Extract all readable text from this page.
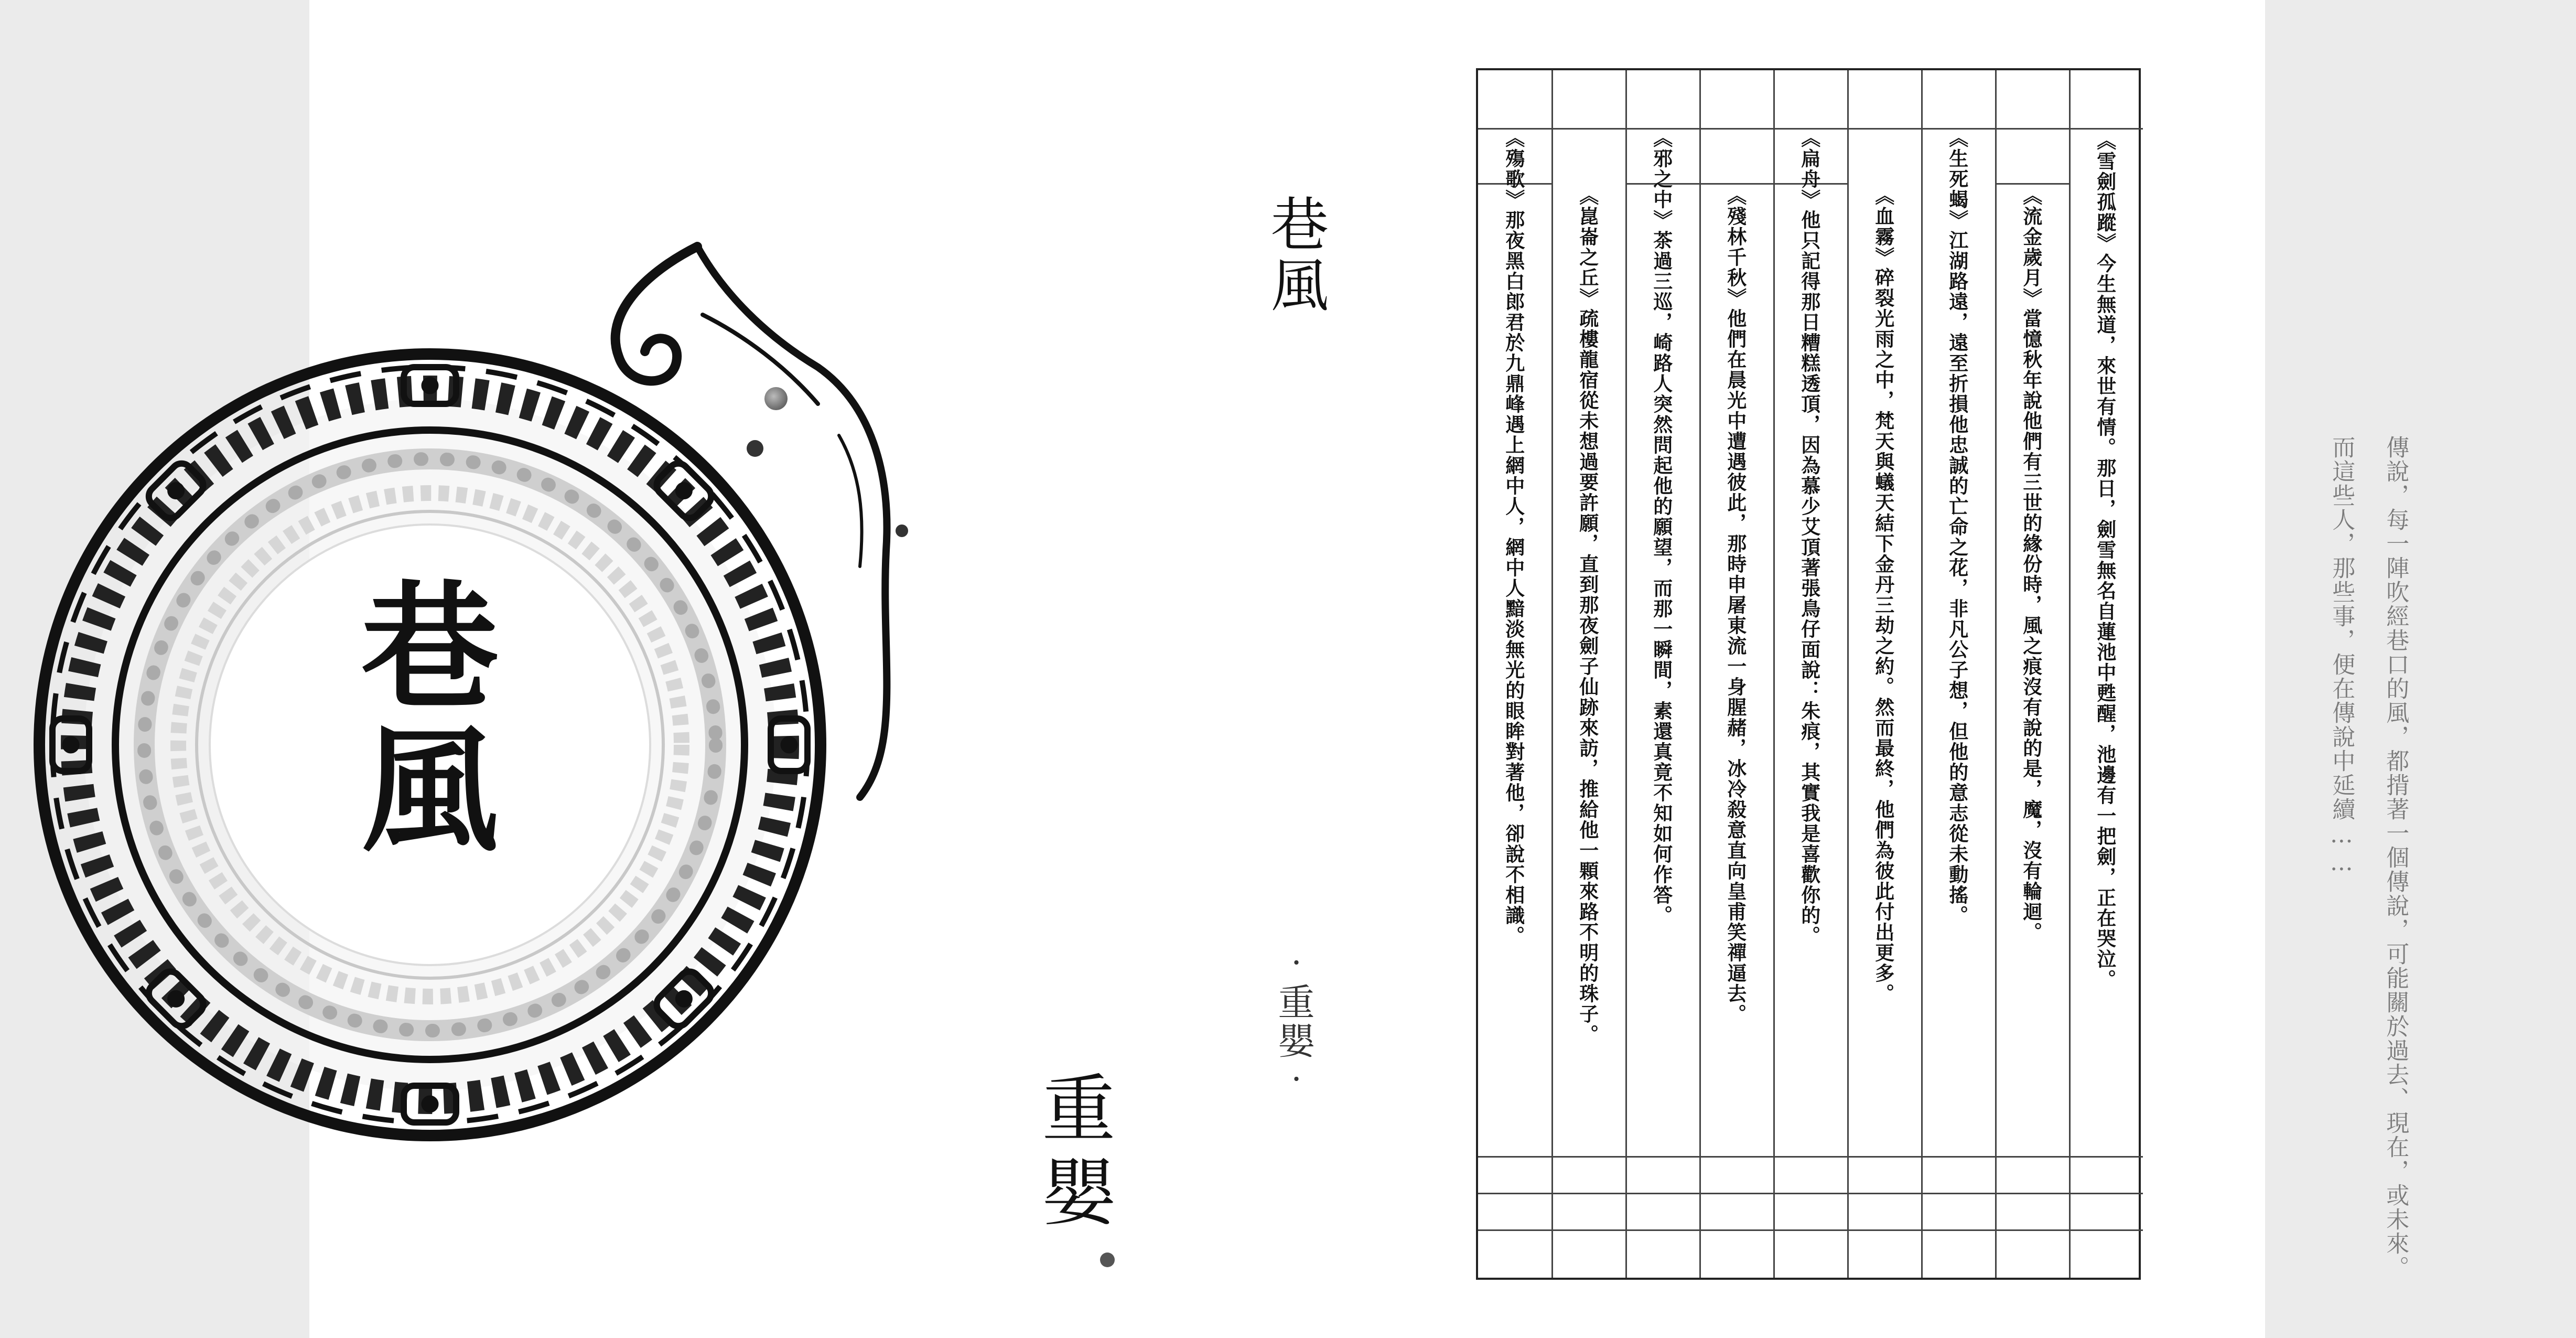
巷
風
巷風
‧重嬰‧
重嬰
《雪劍孤蹤》今生無道，來世有情。那日，劍雪無名自蓮池中甦醒，池邊有一把劍，正在哭泣。
《流金歲月》當憶秋年說他們有三世的緣份時，風之痕沒有說的是，魔，沒有輪迴。
《生死蝎》江湖路遠，遠至折損他忠誠的亡命之花，非凡公子想，但他的意志從未動搖。
《血霧》碎裂光雨之中，梵天與蟻天結下金丹三劫之約。然而最終，他們為彼此付出更多。
《扁舟》他只記得那日糟糕透頂，因為慕少艾頂著張鳥仔面說：朱痕，其實我是喜歡你的。
《殘林千秋》他們在晨光中遭遇彼此，那時申屠東流一身腥赭，冰冷殺意直向皇甫笑禪逼去。
《邪之中》茶過三巡，崎路人突然問起他的願望，而那一瞬間，素還真竟不知如何作答。
《崑崙之丘》疏樓龍宿從未想過要許願，直到那夜劍子仙跡來訪，推給他一顆來路不明的珠子。
《殤歌》那夜黑白郎君於九鼎峰遇上網中人，網中人黯淡無光的眼眸對著他，卻說不相識。	而這些人，那些事，便在傳說中延續…… 傳說，每一陣吹經巷口的風，都揹著一個傳說，可能關於過去、現在，或未來。
